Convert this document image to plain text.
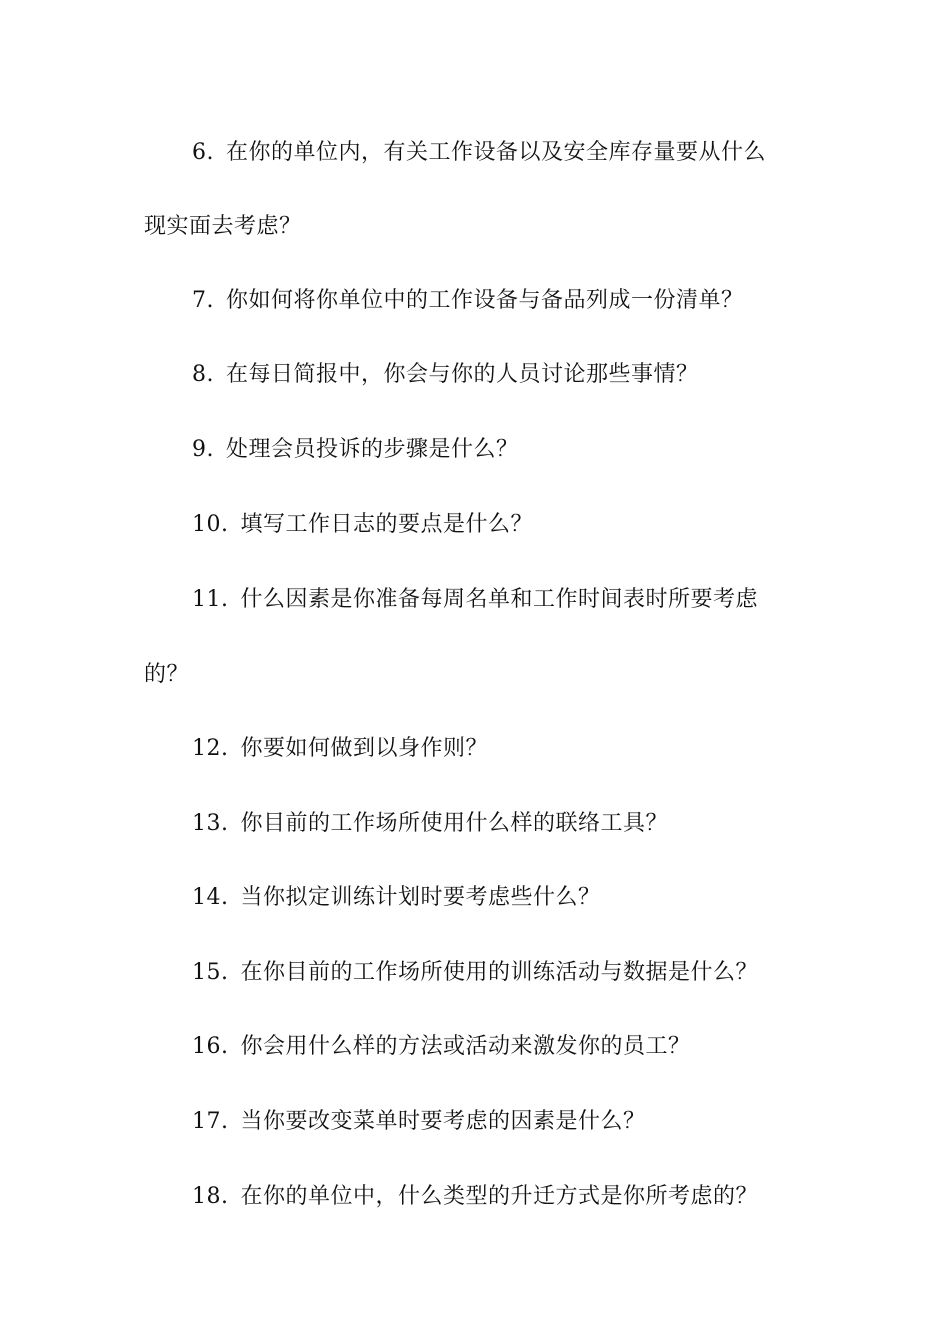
6. 在你的单位内，有关工作设备以及安全库存量要从什么
现实面去考虑？
7. 你如何将你单位中的工作设备与备品列成一份清单？
8. 在每日简报中，你会与你的人员讨论那些事情？
9. 处理会员投诉的步骤是什么？
10. 填写工作日志的要点是什么？
11. 什么因素是你准备每周名单和工作时间表时所要考虑
的？
12. 你要如何做到以身作则？
13. 你目前的工作场所使用什么样的联络工具？
14. 当你拟定训练计划时要考虑些什么？
15. 在你目前的工作场所使用的训练活动与数据是什么？
16. 你会用什么样的方法或活动来激发你的员工？
17. 当你要改变菜单时要考虑的因素是什么？
18. 在你的单位中，什么类型的升迁方式是你所考虑的？
